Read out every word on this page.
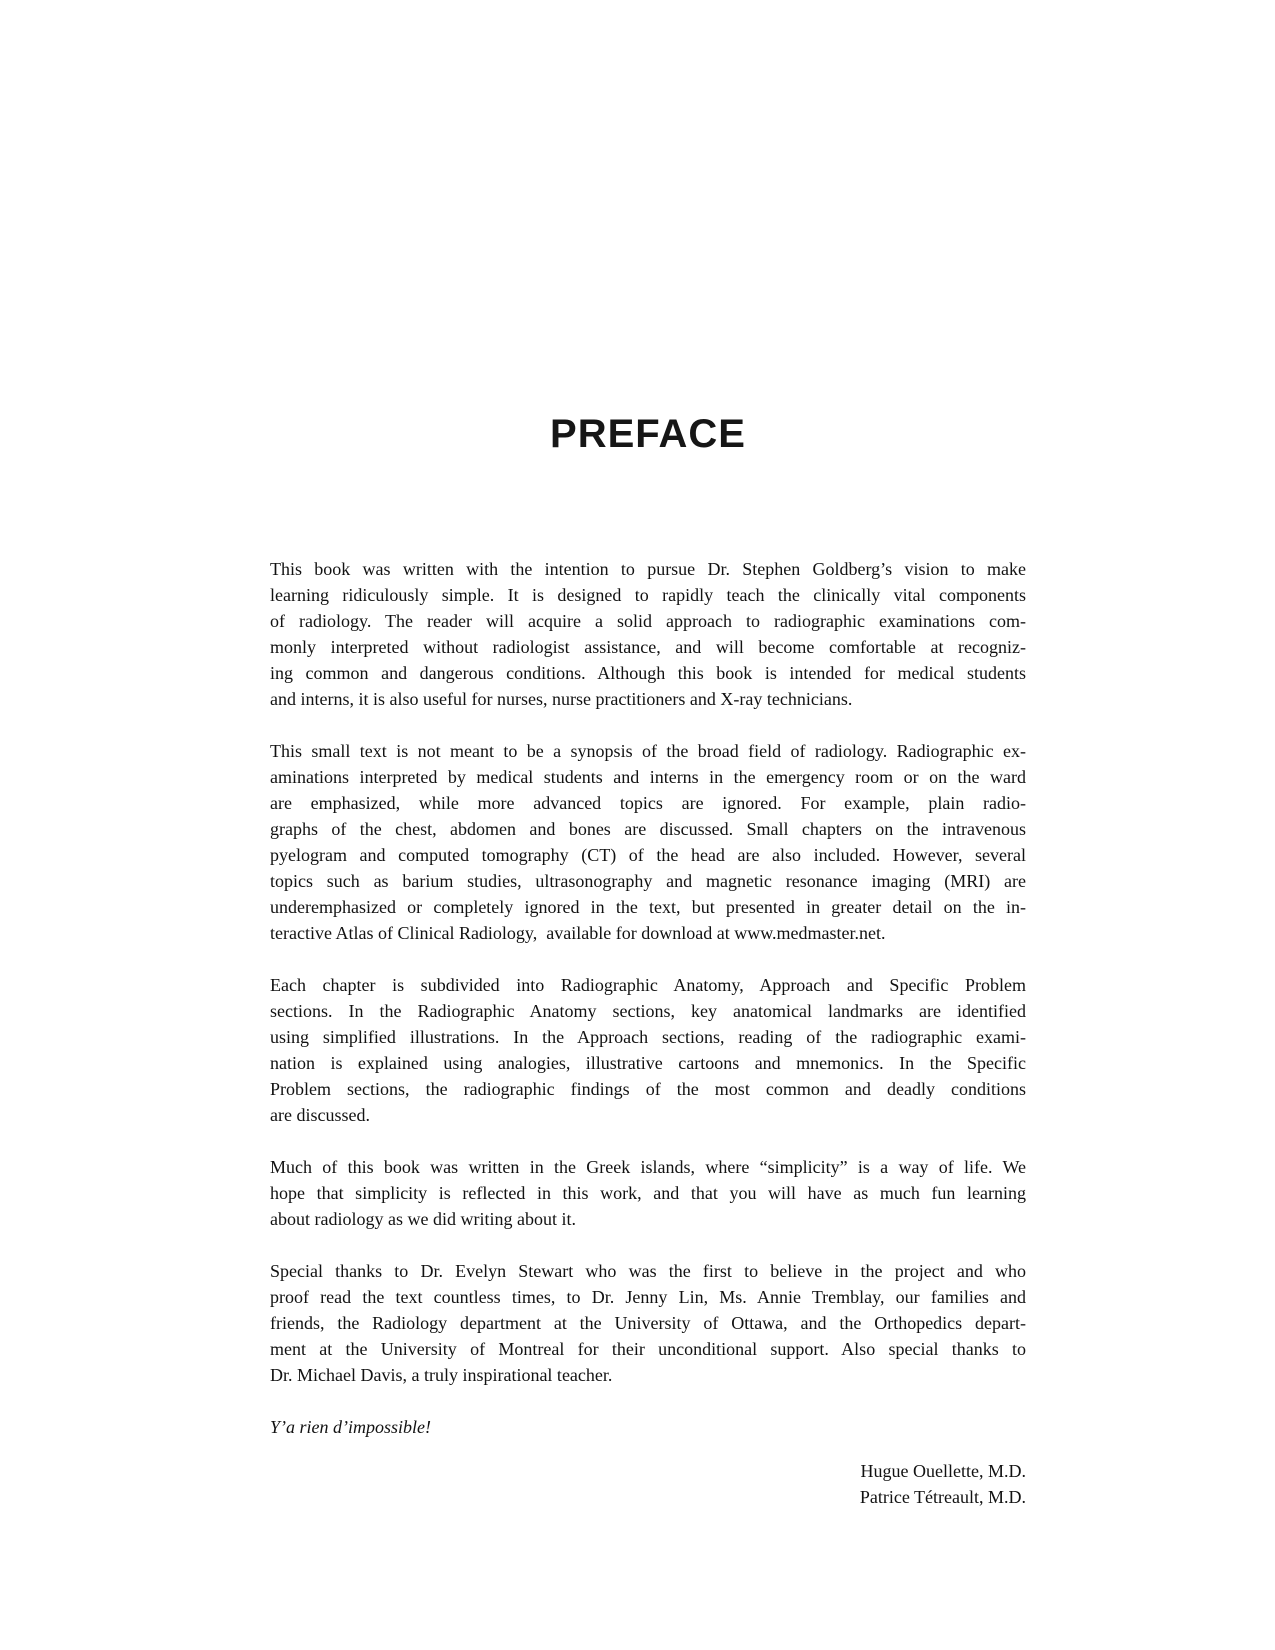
PREFACE
This book was written with the intention to pursue Dr. Stephen Goldberg’s vision to make
learning ridiculously simple. It is designed to rapidly teach the clinically vital components
of radiology. The reader will acquire a solid approach to radiographic examinations com-
monly interpreted without radiologist assistance, and will become comfortable at recogniz-
ing common and dangerous conditions. Although this book is intended for medical students
and interns, it is also useful for nurses, nurse practitioners and X-ray technicians.
This small text is not meant to be a synopsis of the broad field of radiology. Radiographic ex-
aminations interpreted by medical students and interns in the emergency room or on the ward
are emphasized, while more advanced topics are ignored. For example, plain radio-
graphs of the chest, abdomen and bones are discussed. Small chapters on the intravenous
pyelogram and computed tomography (CT) of the head are also included. However, several
topics such as barium studies, ultrasonography and magnetic resonance imaging (MRI) are
underemphasized or completely ignored in the text, but presented in greater detail on the in-
teractive Atlas of Clinical Radiology,  available for download at www.medmaster.net.
Each chapter is subdivided into Radiographic Anatomy, Approach and Specific Problem
sections. In the Radiographic Anatomy sections, key anatomical landmarks are identified
using simplified illustrations. In the Approach sections, reading of the radiographic exami-
nation is explained using analogies, illustrative cartoons and mnemonics. In the Specific
Problem sections, the radiographic findings of the most common and deadly conditions
are discussed.
Much of this book was written in the Greek islands, where “simplicity” is a way of life. We
hope that simplicity is reflected in this work, and that you will have as much fun learning
about radiology as we did writing about it.
Special thanks to Dr. Evelyn Stewart who was the first to believe in the project and who
proof read the text countless times, to Dr. Jenny Lin, Ms. Annie Tremblay, our families and
friends, the Radiology department at the University of Ottawa, and the Orthopedics depart-
ment at the University of Montreal for their unconditional support. Also special thanks to
Dr. Michael Davis, a truly inspirational teacher.

Y’a rien d’impossible!

Hugue Ouellette, M.D.
Patrice Tétreault, M.D.
